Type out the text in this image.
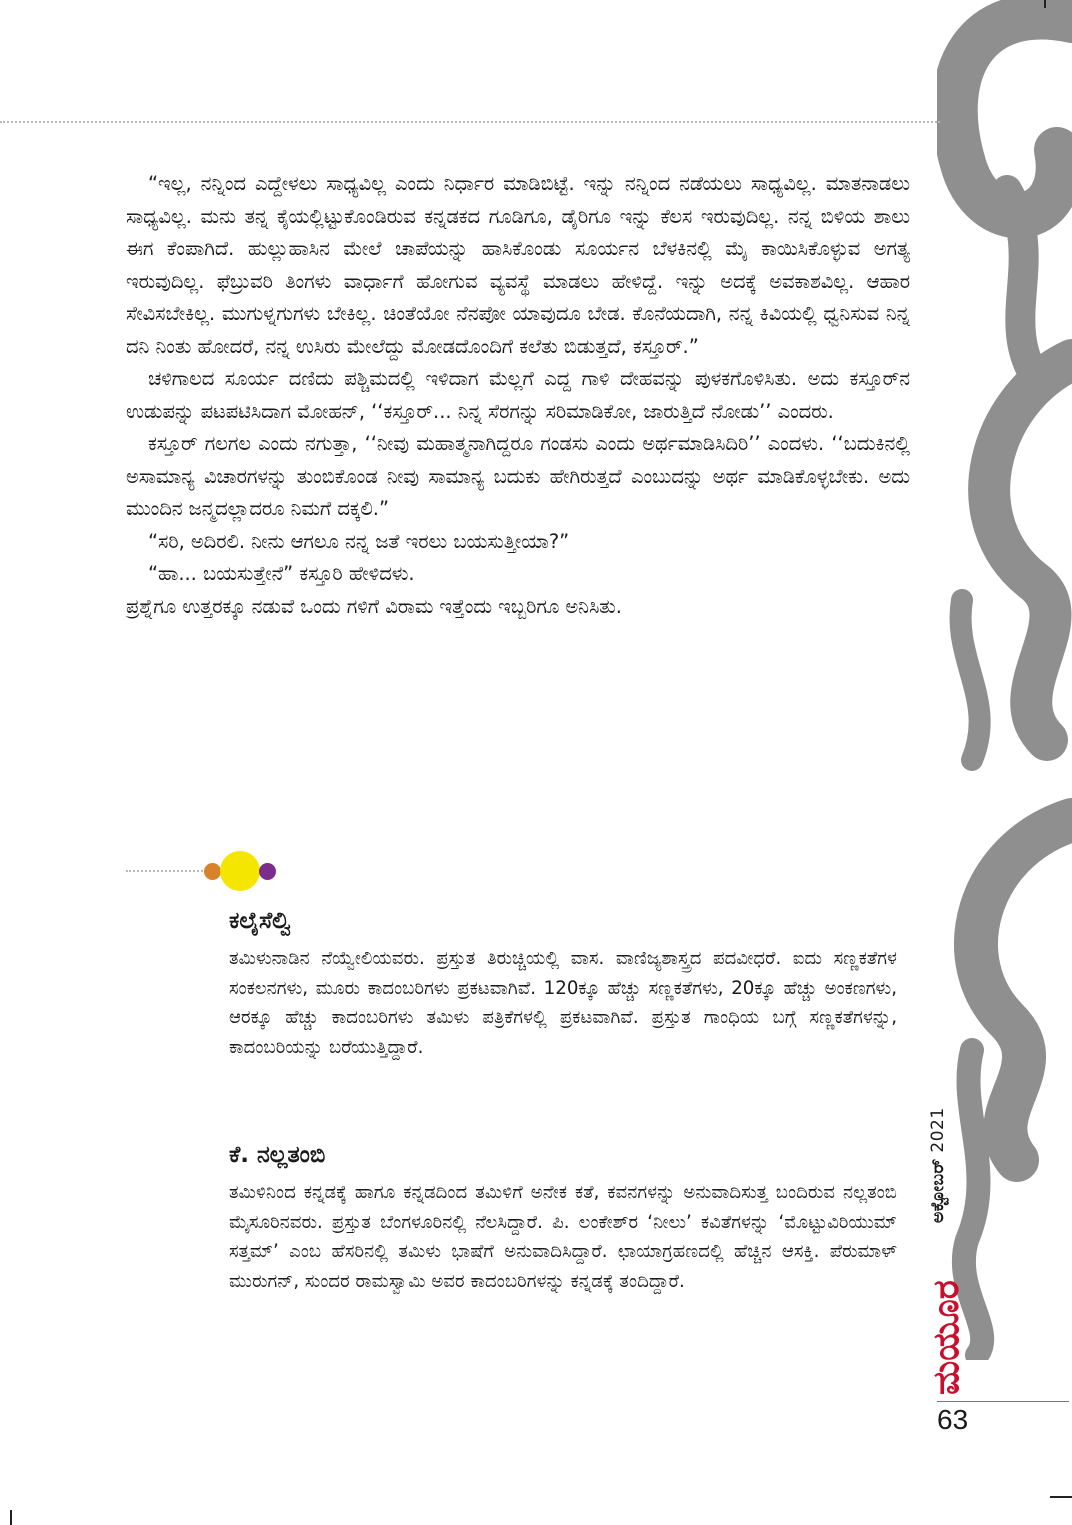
“ಇಲ್ಲ, ನನ್ನಿಂದ ಎದ್ದೇಳಲು ಸಾಧ್ಯವಿಲ್ಲ ಎಂದು ನಿರ್ಧಾರ ಮಾಡಿಬಿಟ್ಟೆ. ಇನ್ನು ನನ್ನಿಂದ ನಡೆಯಲು ಸಾಧ್ಯವಿಲ್ಲ. ಮಾತನಾಡಲು ಸಾಧ್ಯವಿಲ್ಲ. ಮನು ತನ್ನ ಕೈಯಲ್ಲಿಟ್ಟುಕೊಂಡಿರುವ ಕನ್ನಡಕದ ಗೂಡಿಗೂ, ಡೈರಿಗೂ ಇನ್ನು ಕೆಲಸ ಇರುವುದಿಲ್ಲ. ನನ್ನ ಬಿಳಿಯ ಶಾಲು ಈಗ ಕೆಂಪಾಗಿದೆ. ಹುಲ್ಲುಹಾಸಿನ ಮೇಲೆ ಚಾಪೆಯನ್ನು ಹಾಸಿಕೊಂಡು ಸೂರ್ಯನ ಬೆಳಕಿನಲ್ಲಿ ಮೈ ಕಾಯಿಸಿಕೊಳ್ಳುವ ಅಗತ್ಯ ಇರುವುದಿಲ್ಲ. ಫೆಬ್ರುವರಿ ತಿಂಗಳು ವಾರ್ಧಾಗೆ ಹೋಗುವ ವ್ಯವಸ್ಥೆ ಮಾಡಲು ಹೇಳಿದ್ದೆ. ಇನ್ನು ಅದಕ್ಕೆ ಅವಕಾಶವಿಲ್ಲ. ಆಹಾರ ಸೇವಿಸಬೇಕಿಲ್ಲ. ಮುಗುಳ್ನಗುಗಳು ಬೇಕಿಲ್ಲ. ಚಿಂತೆಯೋ ನೆನಪೋ ಯಾವುದೂ ಬೇಡ. ಕೊನೆಯದಾಗಿ, ನನ್ನ ಕಿವಿಯಲ್ಲಿ ಧ್ವನಿಸುವ ನಿನ್ನ ದನಿ ನಿಂತು ಹೋದರೆ, ನನ್ನ ಉಸಿರು ಮೇಲೆದ್ದು ಮೋಡದೊಂದಿಗೆ ಕಲೆತು ಬಿಡುತ್ತದೆ, ಕಸ್ತೂರ್.”

ಚಳಿಗಾಲದ ಸೂರ್ಯ ದಣಿದು ಪಶ್ಚಿಮದಲ್ಲಿ ಇಳಿದಾಗ ಮೆಲ್ಲಗೆ ಎದ್ದ ಗಾಳಿ ದೇಹವನ್ನು ಪುಳಕಗೊಳಿಸಿತು. ಅದು ಕಸ್ತೂರ್‌ನ ಉಡುಪನ್ನು ಪಟಪಟಿಸಿದಾಗ ಮೋಹನ್, ‘‘ಕಸ್ತೂರ್... ನಿನ್ನ ಸೆರಗನ್ನು ಸರಿಮಾಡಿಕೋ, ಜಾರುತ್ತಿದೆ ನೋಡು’’ ಎಂದರು.

ಕಸ್ತೂರ್ ಗಲಗಲ ಎಂದು ನಗುತ್ತಾ, ‘‘ನೀವು ಮಹಾತ್ಮನಾಗಿದ್ದರೂ ಗಂಡಸು ಎಂದು ಅರ್ಥಮಾಡಿಸಿದಿರಿ’’ ಎಂದಳು. ‘‘ಬದುಕಿನಲ್ಲಿ ಅಸಾಮಾನ್ಯ ವಿಚಾರಗಳನ್ನು ತುಂಬಿಕೊಂಡ ನೀವು ಸಾಮಾನ್ಯ ಬದುಕು ಹೇಗಿರುತ್ತದೆ ಎಂಬುದನ್ನು ಅರ್ಥ ಮಾಡಿಕೊಳ್ಳಬೇಕು. ಅದು ಮುಂದಿನ ಜನ್ಮದಲ್ಲಾದರೂ ನಿಮಗೆ ದಕ್ಕಲಿ.”

“ಸರಿ, ಅದಿರಲಿ. ನೀನು ಆಗಲೂ ನನ್ನ ಜತೆ ಇರಲು ಬಯಸುತ್ತೀಯಾ?”

“ಹಾ... ಬಯಸುತ್ತೇನೆ” ಕಸ್ತೂರಿ ಹೇಳಿದಳು.

ಪ್ರಶ್ನೆಗೂ ಉತ್ತರಕ್ಕೂ ನಡುವೆ ಒಂದು ಗಳಿಗೆ ವಿರಾಮ ಇತ್ತೆಂದು ಇಬ್ಬರಿಗೂ ಅನಿಸಿತು.

ಕಲೈಸೆಲ್ವಿ

ತಮಿಳುನಾಡಿನ ನೆಯ್ವೇಲಿಯವರು. ಪ್ರಸ್ತುತ ತಿರುಚ್ಚಿಯಲ್ಲಿ ವಾಸ. ವಾಣಿಜ್ಯಶಾಸ್ತ್ರದ ಪದವೀಧರೆ. ಐದು ಸಣ್ಣಕತೆಗಳ ಸಂಕಲನಗಳು, ಮೂರು ಕಾದಂಬರಿಗಳು ಪ್ರಕಟವಾಗಿವೆ. 120ಕ್ಕೂ ಹೆಚ್ಚು ಸಣ್ಣಕತೆಗಳು, 20ಕ್ಕೂ ಹೆಚ್ಚು ಅಂಕಣಗಳು, ಆರಕ್ಕೂ ಹೆಚ್ಚು ಕಾದಂಬರಿಗಳು ತಮಿಳು ಪತ್ರಿಕೆಗಳಲ್ಲಿ ಪ್ರಕಟವಾಗಿವೆ. ಪ್ರಸ್ತುತ ಗಾಂಧಿಯ ಬಗ್ಗೆ ಸಣ್ಣಕತೆಗಳನ್ನು, ಕಾದಂಬರಿಯನ್ನು ಬರೆಯುತ್ತಿದ್ದಾರೆ.

ಕೆ. ನಲ್ಲತಂಬಿ

ತಮಿಳಿನಿಂದ ಕನ್ನಡಕ್ಕೆ ಹಾಗೂ ಕನ್ನಡದಿಂದ ತಮಿಳಿಗೆ ಅನೇಕ ಕತೆ, ಕವನಗಳನ್ನು ಅನುವಾದಿಸುತ್ತ ಬಂದಿರುವ ನಲ್ಲತಂಬಿ ಮೈಸೂರಿನವರು. ಪ್ರಸ್ತುತ ಬೆಂಗಳೂರಿನಲ್ಲಿ ನೆಲಸಿದ್ದಾರೆ. ಪಿ. ಲಂಕೇಶ್‌ರ ‘ನೀಲು’ ಕವಿತೆಗಳನ್ನು ‘ಮೊಟ್ಟುವಿರಿಯುಮ್ ಸತ್ತಮ್’ ಎಂಬ ಹೆಸರಿನಲ್ಲಿ ತಮಿಳು ಭಾಷೆಗೆ ಅನುವಾದಿಸಿದ್ದಾರೆ. ಛಾಯಾಗ್ರಹಣದಲ್ಲಿ ಹೆಚ್ಚಿನ ಆಸಕ್ತಿ. ಪೆರುಮಾಳ್ ಮುರುಗನ್, ಸುಂದರ ರಾಮಸ್ವಾಮಿ ಅವರ ಕಾದಂಬರಿಗಳನ್ನು ಕನ್ನಡಕ್ಕೆ ತಂದಿದ್ದಾರೆ.

ಅಕ್ಟೋಬರ್ 2021
ಮಯೂರ
63
